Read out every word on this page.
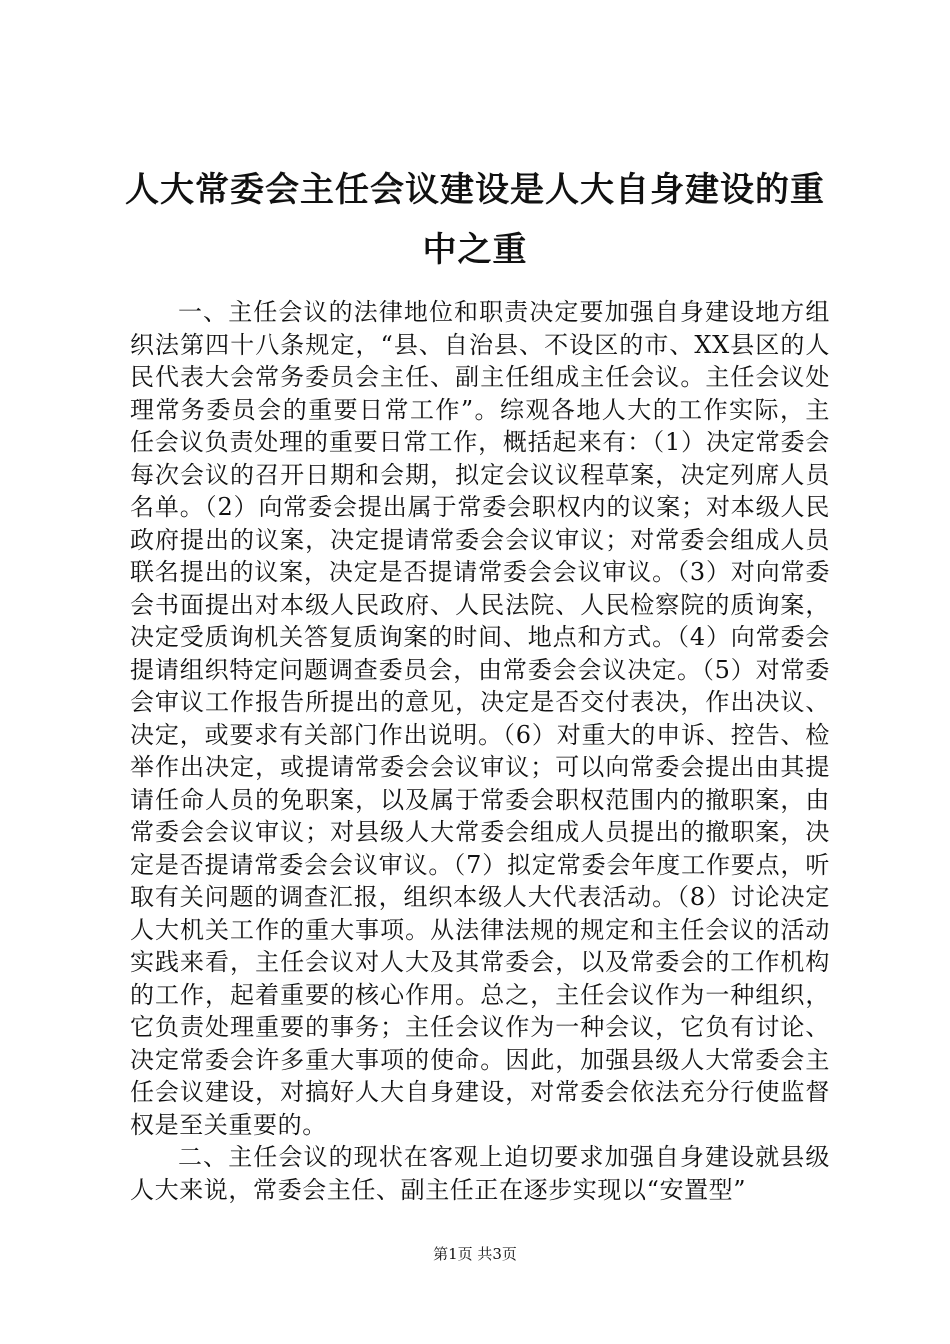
人大常委会主任会议建设是人大自身建设的重中之重

一、主任会议的法律地位和职责决定要加强自身建设地方组织法第四十八条规定，“县、自治县、不设区的市、XX县区的人民代表大会常务委员会主任、副主任组成主任会议。主任会议处理常务委员会的重要日常工作”。综观各地人大的工作实际，主任会议负责处理的重要日常工作，概括起来有：（1）决定常委会每次会议的召开日期和会期，拟定会议议程草案，决定列席人员名单。（2）向常委会提出属于常委会职权内的议案；对本级人民政府提出的议案，决定提请常委会会议审议；对常委会组成人员联名提出的议案，决定是否提请常委会会议审议。（3）对向常委会书面提出对本级人民政府、人民法院、人民检察院的质询案，决定受质询机关答复质询案的时间、地点和方式。（4）向常委会提请组织特定问题调查委员会，由常委会会议决定。（5）对常委会审议工作报告所提出的意见，决定是否交付表决，作出决议、决定，或要求有关部门作出说明。（6）对重大的申诉、控告、检举作出决定，或提请常委会会议审议；可以向常委会提出由其提请任命人员的免职案，以及属于常委会职权范围内的撤职案，由常委会会议审议；对县级人大常委会组成人员提出的撤职案，决定是否提请常委会会议审议。（7）拟定常委会年度工作要点，听取有关问题的调查汇报，组织本级人大代表活动。（8）讨论决定人大机关工作的重大事项。从法律法规的规定和主任会议的活动实践来看，主任会议对人大及其常委会，以及常委会的工作机构的工作，起着重要的核心作用。总之，主任会议作为一种组织，它负责处理重要的事务；主任会议作为一种会议，它负有讨论、决定常委会许多重大事项的使命。因此，加强县级人大常委会主任会议建设，对搞好人大自身建设，对常委会依法充分行使监督权是至关重要的。

二、主任会议的现状在客观上迫切要求加强自身建设就县级人大来说，常委会主任、副主任正在逐步实现以“安置型”

第1页 共3页
